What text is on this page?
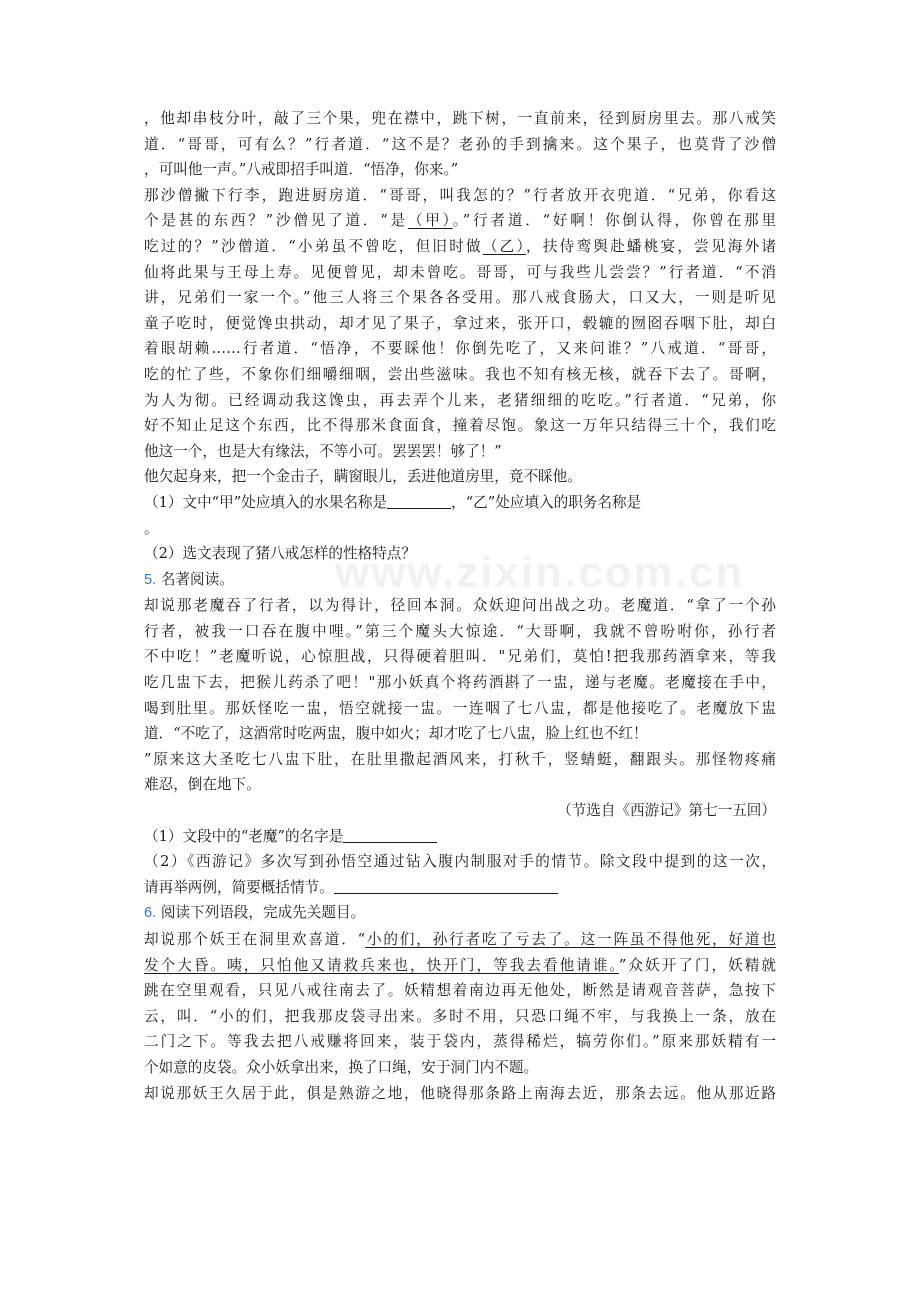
www.zixin.com.cn
，他却串枝分叶，敲了三个果，兜在襟中，跳下树，一直前来，径到厨房里去。那八戒笑
道．“哥哥，可有么？”行者道．“这不是？老孙的手到擒来。这个果子，也莫背了沙僧
，可叫他一声。”八戒即招手叫道．“悟净，你来。”
那沙僧撇下行李，跑进厨房道．“哥哥，叫我怎的？”行者放开衣兜道．“兄弟，你看这
个是甚的东西？”沙僧见了道．“是（甲）。”行者道．“好啊！你倒认得，你曾在那里
吃过的？”沙僧道．“小弟虽不曾吃，但旧时做（乙），扶侍鸾舆赴蟠桃宴，尝见海外诸
仙将此果与王母上寿。见便曾见，却未曾吃。哥哥，可与我些儿尝尝？”行者道．“不消
讲，兄弟们一家一个。”他三人将三个果各各受用。那八戒食肠大，口又大，一则是听见
童子吃时，便觉馋虫拱动，却才见了果子，拿过来，张开口，毂辘的囫囵吞咽下肚，却白
着眼胡赖……行者道．“悟净，不要睬他！你倒先吃了，又来问谁？”八戒道．“哥哥，
吃的忙了些，不象你们细嚼细咽，尝出些滋味。我也不知有核无核，就吞下去了。哥啊，
为人为彻。已经调动我这馋虫，再去弄个儿来，老猪细细的吃吃。”行者道．“兄弟，你
好不知止足这个东西，比不得那米食面食，撞着尽饱。象这一万年只结得三十个，我们吃
他这一个，也是大有缘法，不等小可。罢罢罢！够了！”
他欠起身来，把一个金击子，瞒窗眼儿，丢进他道房里，竟不睬他。
（1）文中“甲”处应填入的水果名称是	，“乙”处应填入的职务名称是
。
（2）选文表现了猪八戒怎样的性格特点？
5. 名著阅读。
却说那老魔吞了行者，以为得计，径回本洞。众妖迎问出战之功。老魔道．“拿了一个孙
行者，被我一口吞在腹中哩。”第三个魔头大惊途．“大哥啊，我就不曾吩咐你，孙行者
不中吃！”老魔听说，心惊胆战，只得硬着胆叫．"兄弟们，莫怕!把我那药酒拿来，等我
吃几盅下去，把猴儿药杀了吧！"那小妖真个将药酒斟了一盅，递与老魔。老魔接在手中，
喝到肚里。那妖怪吃一盅，悟空就接一盅。一连咽了七八盅，都是他接吃了。老魔放下盅
道．“不吃了，这酒常时吃两盅，腹中如火；却才吃了七八盅，脸上红也不红！
”原来这大圣吃七八盅下肚，在肚里撒起酒风来，打秋千，竖蜻蜓，翻跟头。那怪物疼痛
难忍，倒在地下。
（节选自《西游记》第七一五回）
（1）文段中的“老魔”的名字是
（2）《西游记》多次写到孙悟空通过钻入腹内制服对手的情节。除文段中提到的这一次，
请再举两例，简要概括情节。
6. 阅读下列语段，完成先关题目。
却说那个妖王在洞里欢喜道．“小的们，孙行者吃了亏去了。这一阵虽不得他死，好道也
发个大昏。咦，只怕他又请救兵来也，快开门，等我去看他请谁。”众妖开了门，妖精就
跳在空里观看，只见八戒往南去了。妖精想着南边再无他处，断然是请观音菩萨，急按下
云，叫．“小的们，把我那皮袋寻出来。多时不用，只恐口绳不牢，与我换上一条，放在
二门之下。等我去把八戒赚将回来，装于袋内，蒸得稀烂，犒劳你们。”原来那妖精有一
个如意的皮袋。众小妖拿出来，换了口绳，安于洞门内不题。
却说那妖王久居于此，俱是熟游之地，他晓得那条路上南海去近，那条去远。他从那近路
